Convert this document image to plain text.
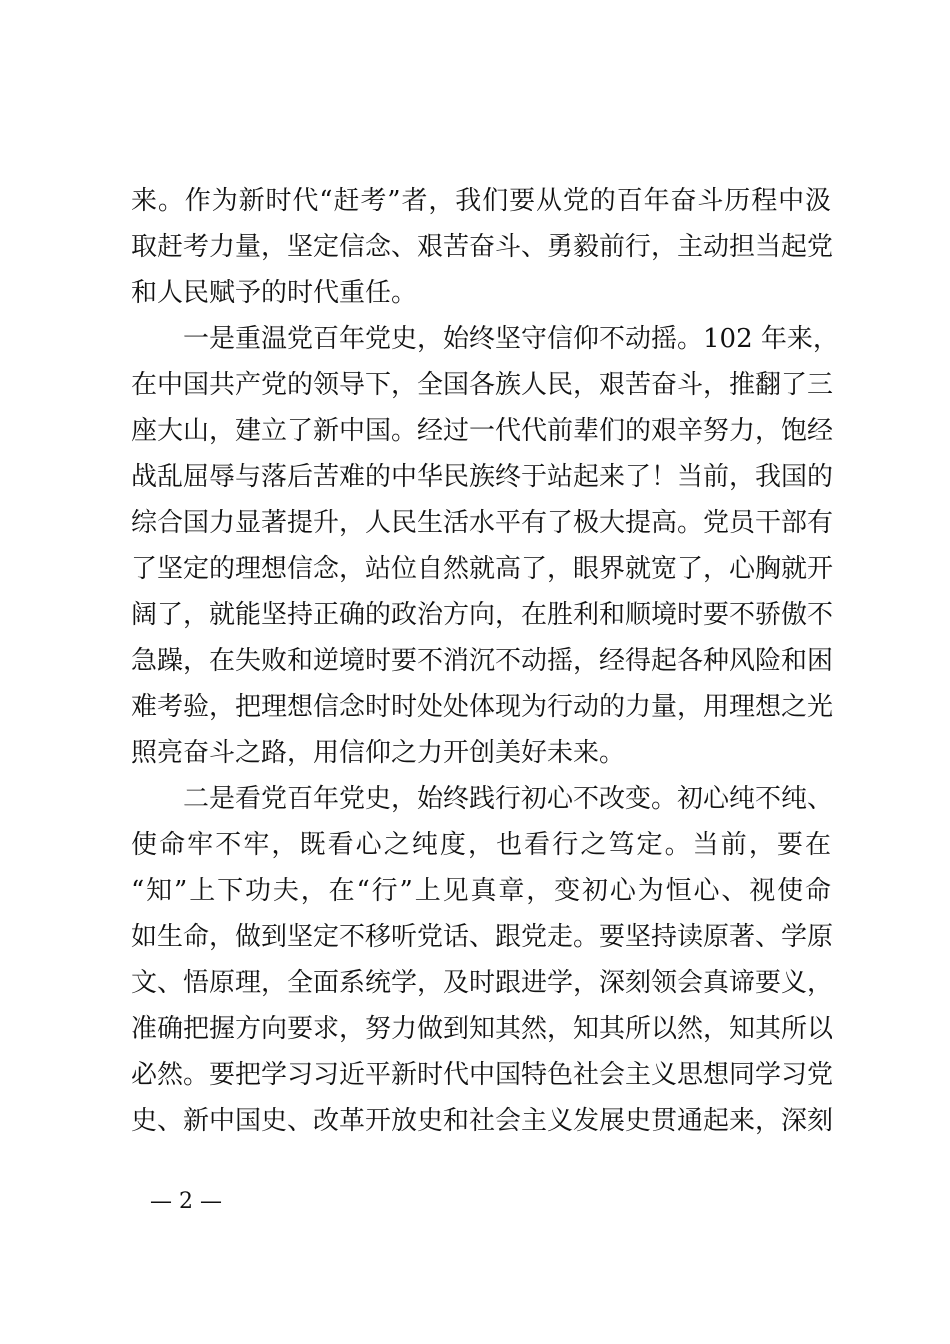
来。作为新时代“赶考”者，我们要从党的百年奋斗历程中汲
取赶考力量，坚定信念、艰苦奋斗、勇毅前行，主动担当起党
和人民赋予的时代重任。
　　一是重温党百年党史，始终坚守信仰不动摇。102 年来，
在中国共产党的领导下，全国各族人民，艰苦奋斗，推翻了三
座大山，建立了新中国。经过一代代前辈们的艰辛努力，饱经
战乱屈辱与落后苦难的中华民族终于站起来了！当前，我国的
综合国力显著提升，人民生活水平有了极大提高。党员干部有
了坚定的理想信念，站位自然就高了，眼界就宽了，心胸就开
阔了，就能坚持正确的政治方向，在胜利和顺境时要不骄傲不
急躁，在失败和逆境时要不消沉不动摇，经得起各种风险和困
难考验，把理想信念时时处处体现为行动的力量，用理想之光
照亮奋斗之路，用信仰之力开创美好未来。
　　二是看党百年党史，始终践行初心不改变。初心纯不纯、
使命牢不牢，既看心之纯度，也看行之笃定。当前，要在
“知”上下功夫，在“行”上见真章，变初心为恒心、视使命
如生命，做到坚定不移听党话、跟党走。要坚持读原著、学原
文、悟原理，全面系统学，及时跟进学，深刻领会真谛要义，
准确把握方向要求，努力做到知其然，知其所以然，知其所以
必然。要把学习习近平新时代中国特色社会主义思想同学习党
史、新中国史、改革开放史和社会主义发展史贯通起来，深刻
— 2 —
